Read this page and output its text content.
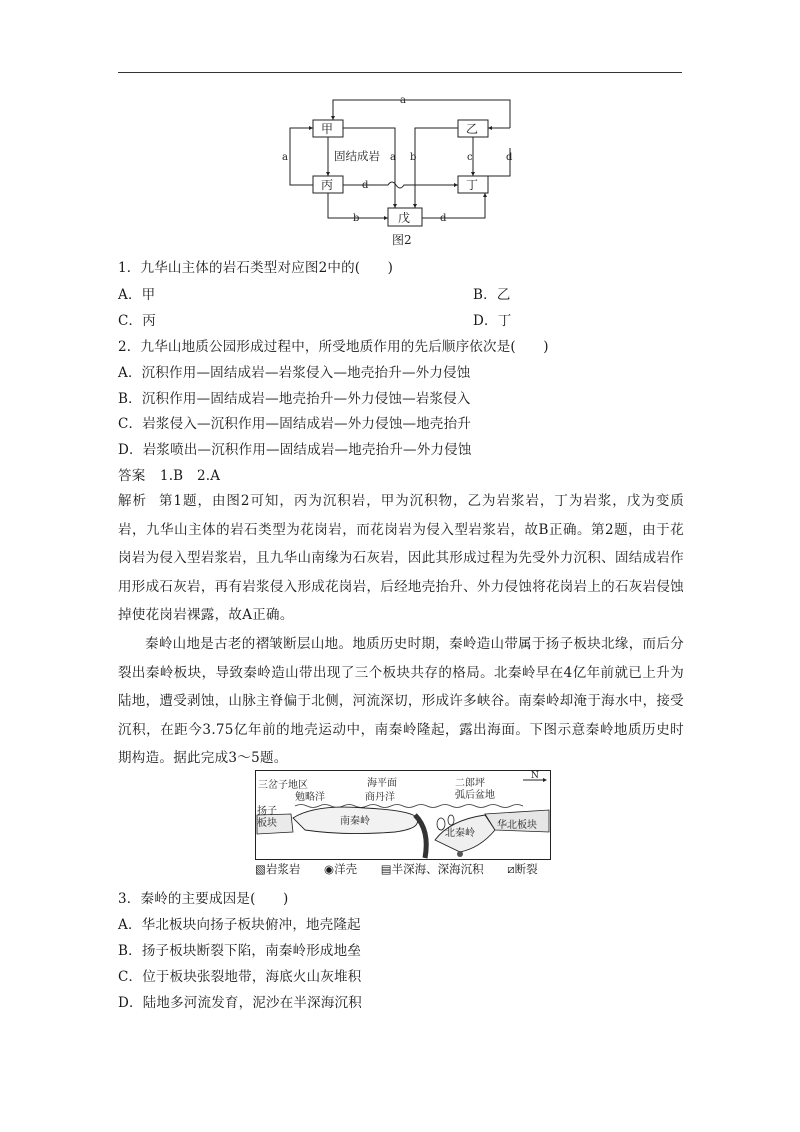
甲	乙
丙	丁
戊
固结成岩
a
a	a b	c	d
d
b	d
图2
1．九华山主体的岩石类型对应图2中的(　　)
A．甲	B．乙
C．丙	D．丁
2．九华山地质公园形成过程中，所受地质作用的先后顺序依次是(　　)
A．沉积作用—固结成岩—岩浆侵入—地壳抬升—外力侵蚀
B．沉积作用—固结成岩—地壳抬升—外力侵蚀—岩浆侵入
C．岩浆侵入—沉积作用—固结成岩—外力侵蚀—地壳抬升
D．岩浆喷出—沉积作用—固结成岩—地壳抬升—外力侵蚀
答案 1.B　2.A
解析 第1题，由图2可知，丙为沉积岩，甲为沉积物，乙为岩浆岩，丁为岩浆，戊为变质岩，九华山主体的岩石类型为花岗岩，而花岗岩为侵入型岩浆岩，故B正确。第2题，由于花岗岩为侵入型岩浆岩，且九华山南缘为石灰岩，因此其形成过程为先受外力沉积、固结成岩作用形成石灰岩，再有岩浆侵入形成花岗岩，后经地壳抬升、外力侵蚀将花岗岩上的石灰岩侵蚀掉使花岗岩裸露，故A正确。
秦岭山地是古老的褶皱断层山地。地质历史时期，秦岭造山带属于扬子板块北缘，而后分裂出秦岭板块，导致秦岭造山带出现了三个板块共存的格局。北秦岭早在4亿年前就已上升为陆地，遭受剥蚀，山脉主脊偏于北侧，河流深切，形成许多峡谷。南秦岭却淹于海水中，接受沉积，在距今3.75亿年前的地壳运动中，南秦岭隆起，露出海面。下图示意秦岭地质历史时期构造。据此完成3～5题。
三岔子地区
勉略洋
海平面
商丹洋
二郎坪
弧后盆地
N
扬子
板块	南秦岭
北秦岭
华北板块
▧岩浆岩 ◉洋壳 ▤半深海、深海沉积 ⧄断裂
3．秦岭的主要成因是(　　)
A．华北板块向扬子板块俯冲，地壳隆起
B．扬子板块断裂下陷，南秦岭形成地垒
C．位于板块张裂地带，海底火山灰堆积
D．陆地多河流发育，泥沙在半深海沉积
